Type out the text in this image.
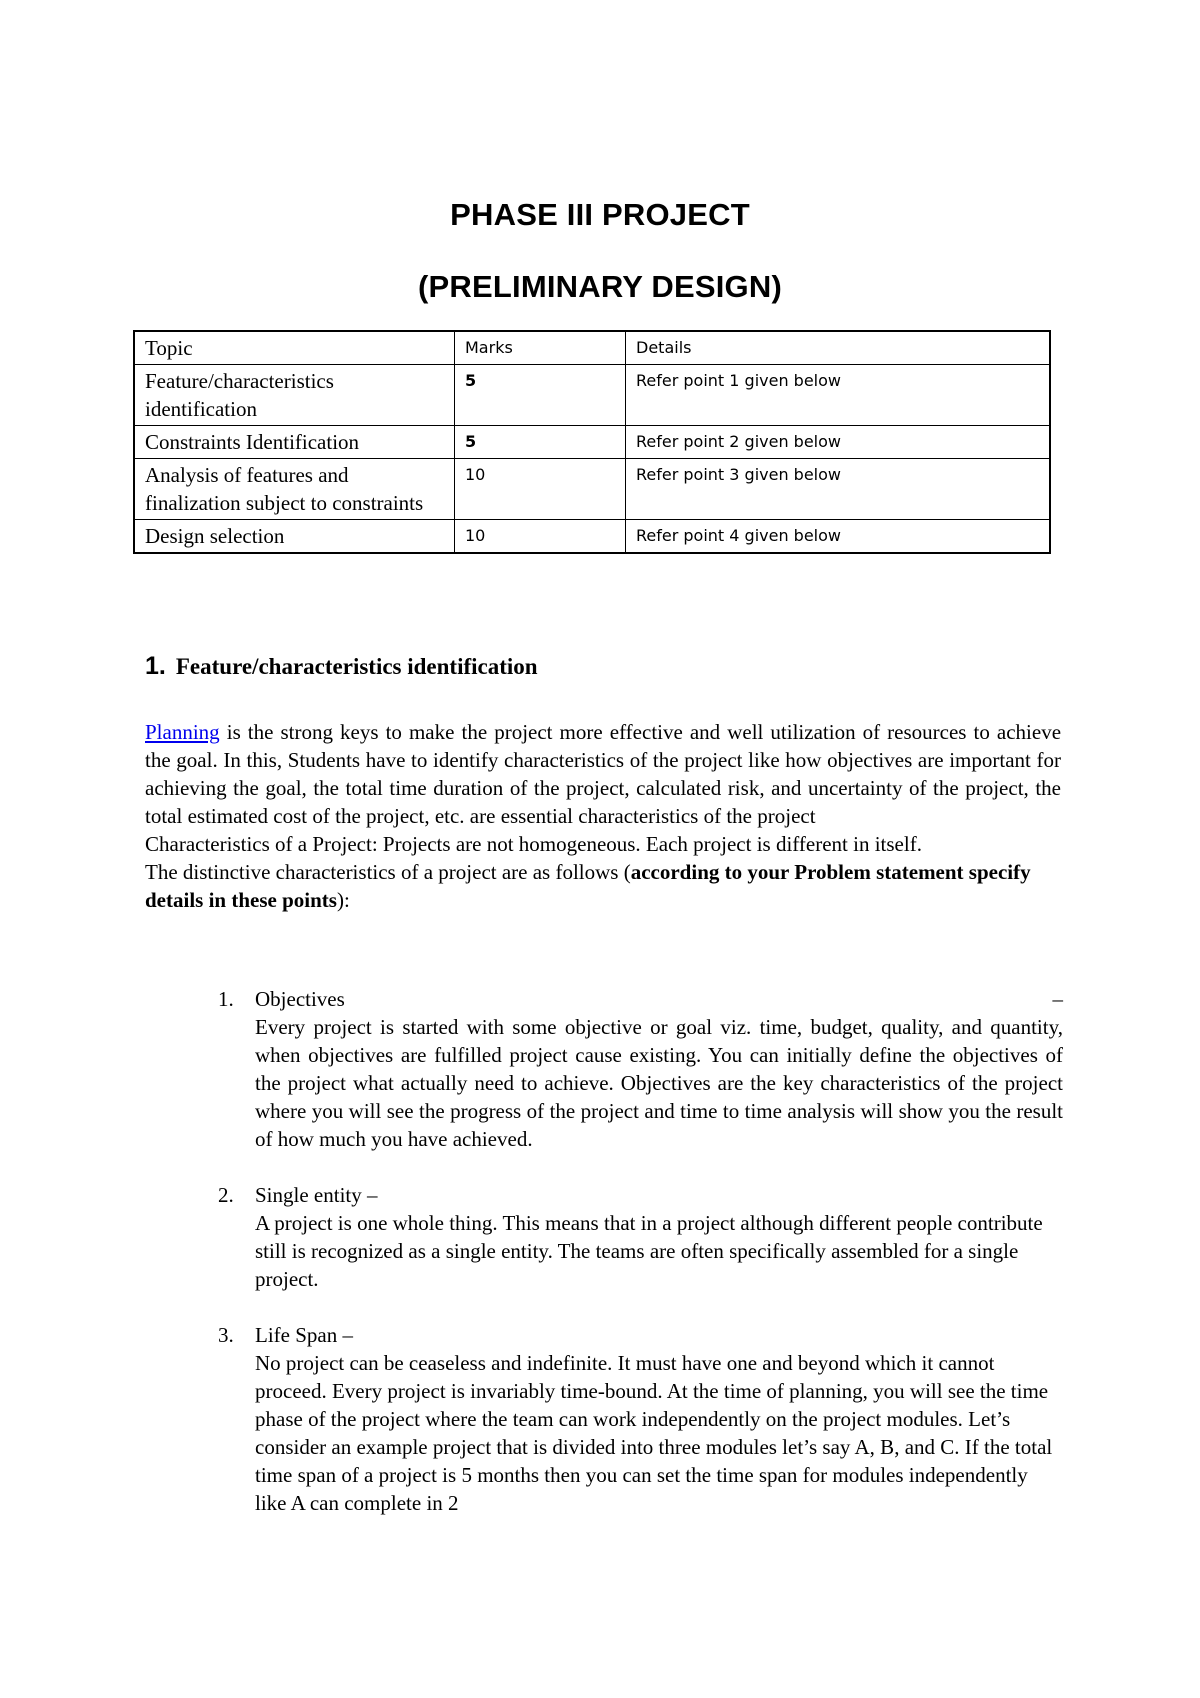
PHASE III PROJECT
(PRELIMINARY DESIGN)
Topic	Marks	Details
Feature/characteristics identification	5	Refer point 1 given below
Constraints Identification	5	Refer point 2 given below
Analysis of features and finalization subject to constraints	10	Refer point 3 given below
Design selection	10	Refer point 4 given below
1. Feature/characteristics identification

Planning is the strong keys to make the project more effective and well utilization of resources to achieve the goal. In this, Students have to identify characteristics of the project like how objectives are important for achieving the goal, the total time duration of the project, calculated risk, and uncertainty of the project, the total estimated cost of the project, etc. are essential characteristics of the project

Characteristics of a Project: Projects are not homogeneous. Each project is different in itself.

The distinctive characteristics of a project are as follows (according to your Problem statement specify details in these points):

1. Objectives	–
Every project is started with some objective or goal viz. time, budget, quality, and quantity, when objectives are fulfilled project cause existing. You can initially define the objectives of the project what actually need to achieve. Objectives are the key characteristics of the project where you will see the progress of the project and time to time analysis will show you the result of how much you have achieved.
2. Single entity –
A project is one whole thing. This means that in a project although different people contribute still is recognized as a single entity. The teams are often specifically assembled for a single project.
3. Life Span –
No project can be ceaseless and indefinite. It must have one and beyond which it cannot proceed. Every project is invariably time-bound. At the time of planning, you will see the time phase of the project where the team can work independently on the project modules. Let’s consider an example project that is divided into three modules let’s say A, B, and C. If the total time span of a project is 5 months then you can set the time span for modules independently like A can complete in 2
